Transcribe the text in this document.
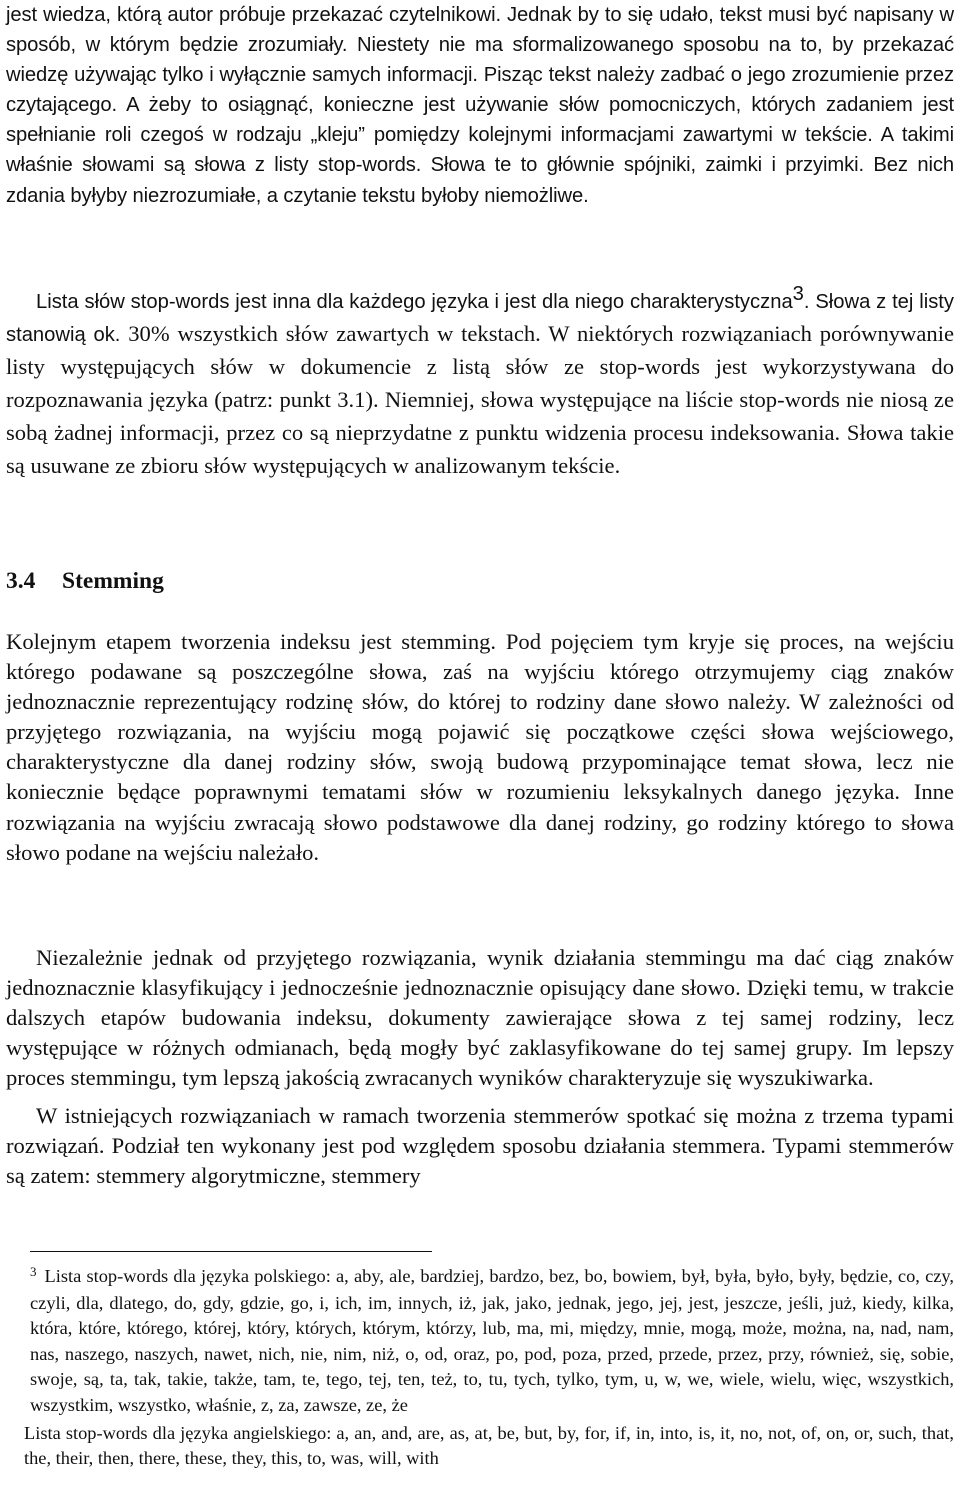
jest wiedza, którą autor próbuje przekazać czytelnikowi. Jednak by to się udało, tekst musi być napisany w sposób, w którym będzie zrozumiały. Niestety nie ma sformalizowanego sposobu na to, by przekazać wiedzę używając tylko i wyłącznie samych informacji. Pisząc tekst należy zadbać o jego zrozumienie przez czytającego. A żeby to osiągnąć, konieczne jest używanie słów pomocniczych, których zadaniem jest spełnianie roli czegoś w rodzaju „kleju” pomiędzy kolejnymi informacjami zawartymi w tekście. A takimi właśnie słowami są słowa z listy stop-words. Słowa te to głównie spójniki, zaimki i przyimki. Bez nich zdania byłyby niezrozumiałe, a czytanie tekstu byłoby niemożliwe.

Lista słów stop-words jest inna dla każdego języka i jest dla niego charakterystyczna$^3$. Słowa z tej listy stanowią ok. 30% wszystkich słów zawartych w tekstach. W niektórych rozwiązaniach porównywanie listy występujących słów w dokumencie z listą słów ze stop-words jest wykorzystywana do rozpoznawania języka (patrz: punkt 3.1). Niemniej, słowa występujące na liście stop-words nie niosą ze sobą żadnej informacji, przez co są nieprzydatne z punktu widzenia procesu indeksowania. Słowa takie są usuwane ze zbioru słów występujących w analizowanym tekście.

3.4	Stemming

Kolejnym etapem tworzenia indeksu jest stemming. Pod pojęciem tym kryje się proces, na wejściu którego podawane są poszczególne słowa, zaś na wyjściu którego otrzymujemy ciąg znaków jednoznacznie reprezentujący rodzinę słów, do której to rodziny dane słowo należy. W zależności od przyjętego rozwiązania, na wyjściu mogą pojawić się początkowe części słowa wejściowego, charakterystyczne dla danej rodziny słów, swoją budową przypominające temat słowa, lecz nie koniecznie będące poprawnymi tematami słów w rozumieniu leksykalnych danego języka. Inne rozwiązania na wyjściu zwracają słowo podstawowe dla danej rodziny, go rodziny którego to słowa słowo podane na wejściu należało.

Niezależnie jednak od przyjętego rozwiązania, wynik działania stemmingu ma dać ciąg znaków jednoznacznie klasyfikujący i jednocześnie jednoznacznie opisujący dane słowo. Dzięki temu, w trakcie dalszych etapów budowania indeksu, dokumenty zawierające słowa z tej samej rodziny, lecz występujące w różnych odmianach, będą mogły być zaklasyfikowane do tej samej grupy. Im lepszy proces stemmingu, tym lepszą jakością zwracanych wyników charakteryzuje się wyszukiwarka.

W istniejących rozwiązaniach w ramach tworzenia stemmerów spotkać się można z trzema typami rozwiązań. Podział ten wykonany jest pod względem sposobu działania stemmera. Typami stemmerów są zatem: stemmery algorytmiczne, stemmery

$^3$ Lista stop-words dla języka polskiego: a, aby, ale, bardziej, bardzo, bez, bo, bowiem, był, była, było, były, będzie, co, czy, czyli, dla, dlatego, do, gdy, gdzie, go, i, ich, im, innych, iż, jak, jako, jednak, jego, jej, jest, jeszcze, jeśli, już, kiedy, kilka, która, które, którego, której, który, których, którym, którzy, lub, ma, mi, między, mnie, mogą, może, można, na, nad, nam, nas, naszego, naszych, nawet, nich, nie, nim, niż, o, od, oraz, po, pod, poza, przed, przede, przez, przy, również, się, sobie, swoje, są, ta, tak, takie, także, tam, te, tego, tej, ten, też, to, tu, tych, tylko, tym, u, w, we, wiele, wielu, więc, wszystkich, wszystkim, wszystko, właśnie, z, za, zawsze, ze, że

Lista stop-words dla języka angielskiego: a, an, and, are, as, at, be, but, by, for, if, in, into, is, it, no, not, of, on, or, such, that, the, their, then, there, these, they, this, to, was, will, with
